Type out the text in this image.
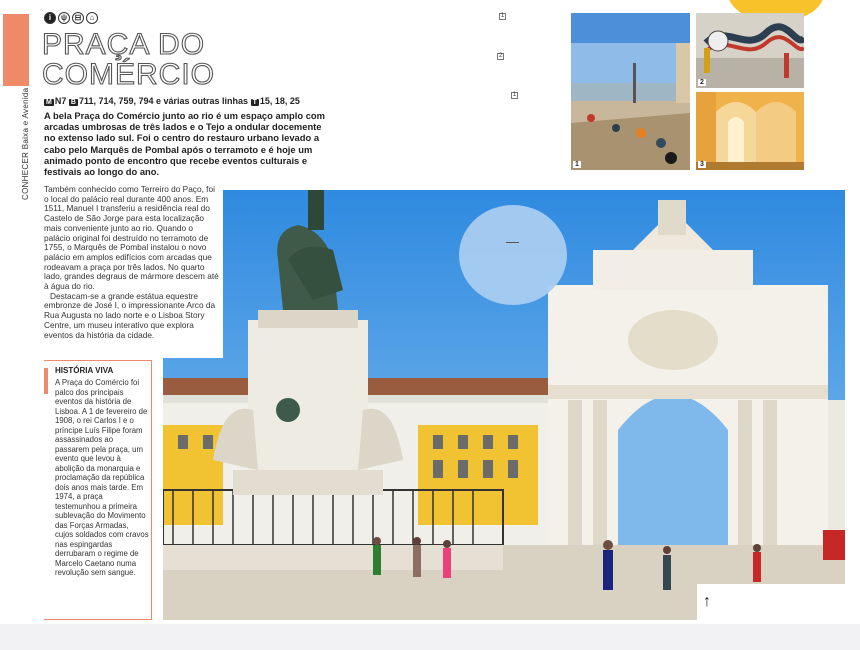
CONHECER Baixa e Avenida
i	ψ ⊟	⌂
PRAÇA DO
COMÉRCIO
M N7 B 711, 714, 759, 794 e várias outras linhas T 15, 18, 25
A bela Praça do Comércio junto ao rio é um espaço amplo com arcadas umbrosas de três lados e o Tejo a ondular docemente no extenso lado sul. Foi o centro do restauro urbano levado a cabo pelo Marquês de Pombal após o terramoto e é hoje um animado ponto de encontro que recebe eventos culturais e festivais ao longo do ano.
1
2
1
1
2
3

Também conhecido como Terreiro do Paço, foi o local do palácio real durante 400 anos. Em 1511, Manuel I transferiu a residência real do Castelo de São Jorge para esta localização mais conveniente junto ao rio. Quando o palácio original foi destruído no terramoto de 1755, o Marquês de Pombal instalou o novo palácio em amplos edifícios com arcadas que rodeavam a praça por três lados. No quarto lado, grandes degraus de mármore descem até à água do rio.

Destacam-se a grande estátua equestre embronze de José I, o impressionante Arco da Rua Augusta no lado norte e o Lisboa Story Centre, um museu interativo que explora eventos da história da cidade.

HISTÓRIA VIVA
A Praça do Comércio foi palco dos principais eventos da história de Lisboa. A 1 de fevereiro de 1908, o rei Carlos I e o príncipe Luís Filipe foram assassinados ao passarem pela praça, um evento que levou à abolição da monarquia e proclamação da república dois anos mais tarde. Em 1974, a praça testemunhou a primeira sublevação do Movimento das Forças Armadas, cujos soldados com cravos nas espingardas derrubaram o regime de Marcelo Caetano numa revolução sem sangue.
↑
